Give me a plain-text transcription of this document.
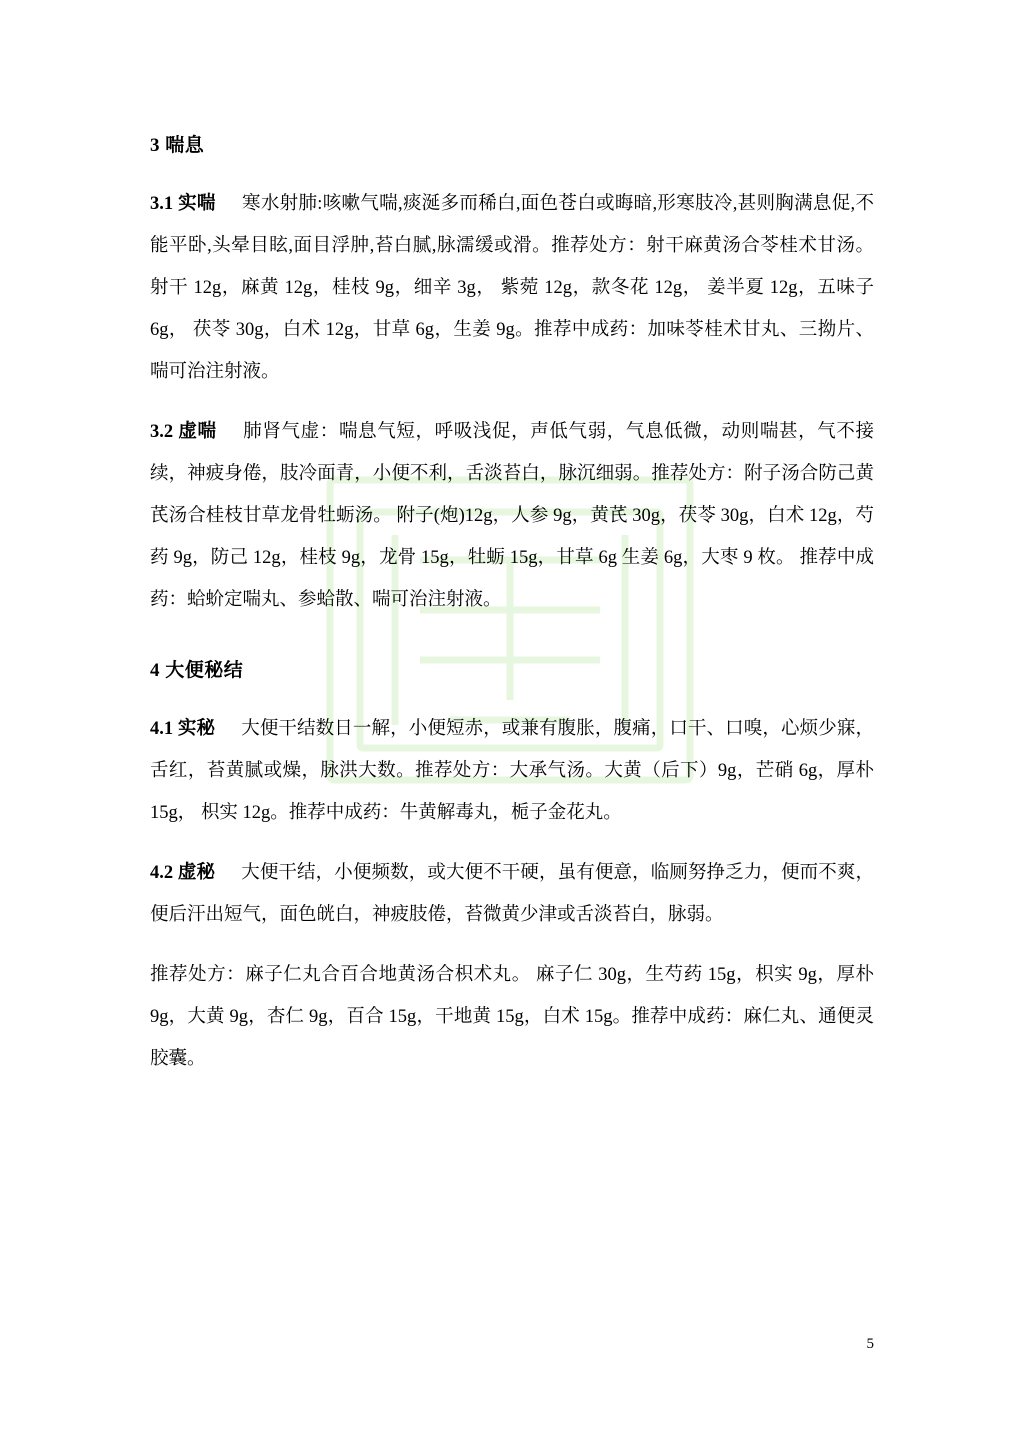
3 喘息

3.1 实喘 寒水射肺:咳嗽气喘,痰涎多而稀白,面色苍白或晦暗,形寒肢冷,甚则胸满息促,不能平卧,头晕目眩,面目浮肿,苔白腻,脉濡缓或滑。推荐处方：射干麻黄汤合苓桂术甘汤。 射干 12g，麻黄 12g，桂枝 9g，细辛 3g， 紫菀 12g，款冬花 12g， 姜半夏 12g，五味子 6g， 茯苓 30g，白术 12g，甘草 6g，生姜 9g。推荐中成药：加味苓桂术甘丸、三拗片、喘可治注射液。

3.2 虚喘 肺肾气虚：喘息气短，呼吸浅促，声低气弱，气息低微，动则喘甚，气不接续，神疲身倦，肢冷面青，小便不利，舌淡苔白，脉沉细弱。推荐处方：附子汤合防己黄芪汤合桂枝甘草龙骨牡蛎汤。 附子(炮)12g，人参 9g，黄芪 30g，茯苓 30g，白术 12g，芍药 9g，防己 12g，桂枝 9g，龙骨 15g，牡蛎 15g，甘草 6g 生姜 6g，大枣 9 枚。 推荐中成药：蛤蚧定喘丸、参蛤散、喘可治注射液。

4 大便秘结

4.1 实秘 大便干结数日一解，小便短赤，或兼有腹胀，腹痛，口干、口嗅，心烦少寐，舌红，苔黄腻或燥，脉洪大数。推荐处方：大承气汤。大黄（后下）9g，芒硝 6g，厚朴 15g， 枳实 12g。推荐中成药：牛黄解毒丸，栀子金花丸。

4.2 虚秘 大便干结，小便频数，或大便不干硬，虽有便意，临厕努挣乏力，便而不爽，便后汗出短气，面色㿠白，神疲肢倦，苔微黄少津或舌淡苔白，脉弱。

推荐处方：麻子仁丸合百合地黄汤合枳术丸。 麻子仁 30g，生芍药 15g，枳实 9g，厚朴 9g，大黄 9g，杏仁 9g，百合 15g，干地黄 15g，白术 15g。推荐中成药：麻仁丸、通便灵胶囊。

5
